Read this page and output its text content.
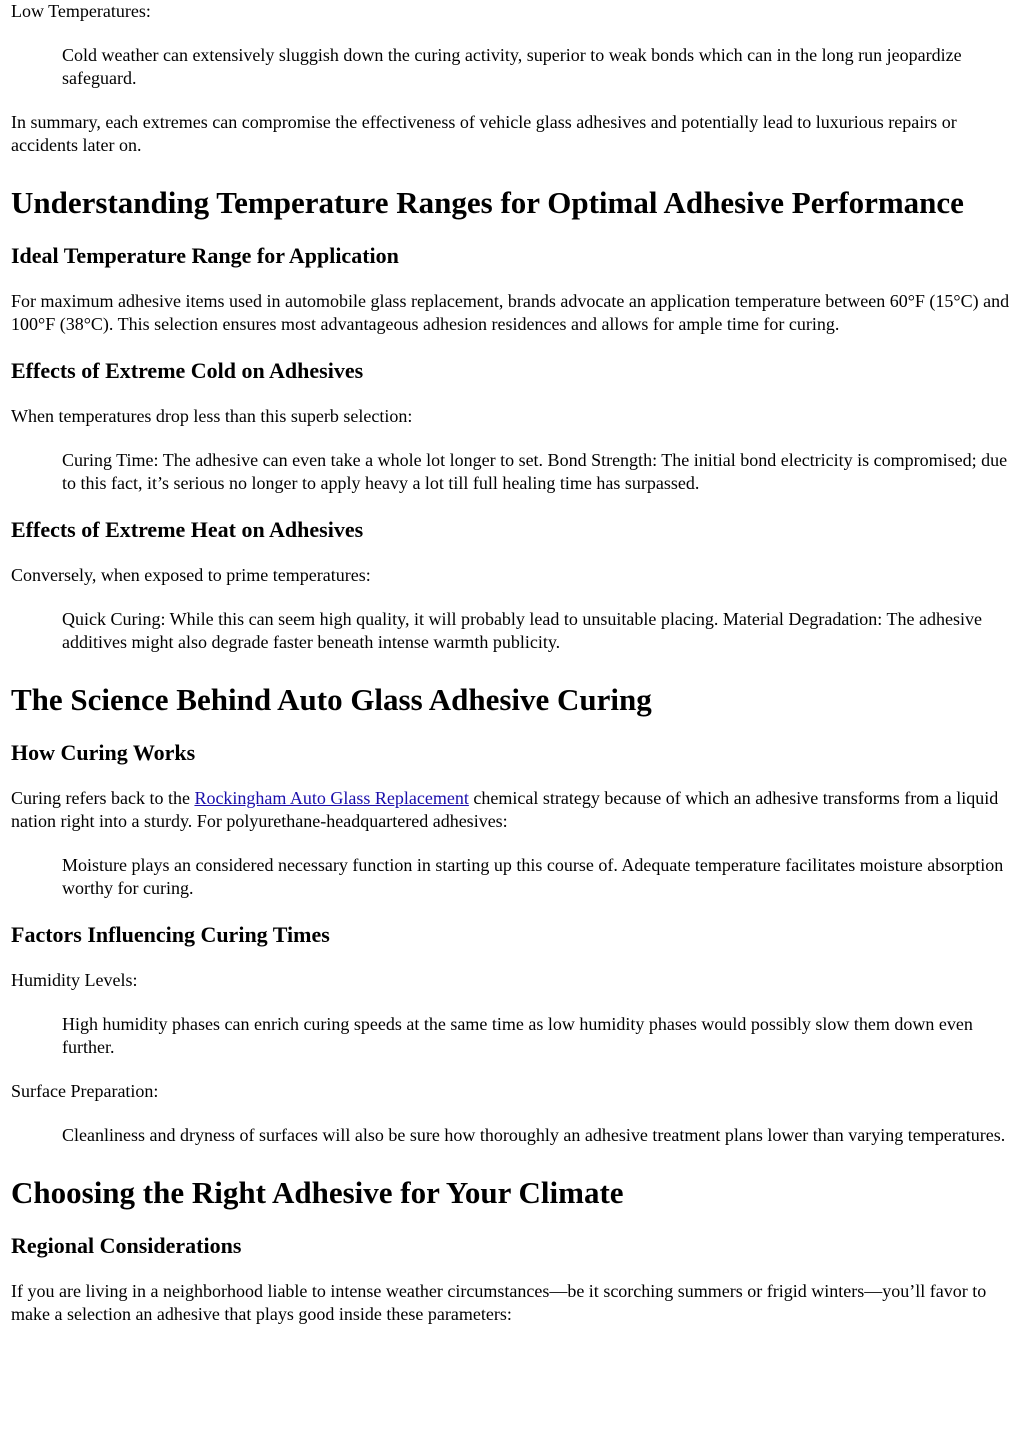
Low Temperatures:

Cold weather can extensively sluggish down the curing activity, superior to weak bonds which can in the long run jeopardize safeguard.

In summary, each extremes can compromise the effectiveness of vehicle glass adhesives and potentially lead to luxurious repairs or accidents later on.

Understanding Temperature Ranges for Optimal Adhesive Performance
Ideal Temperature Range for Application

For maximum adhesive items used in automobile glass replacement, brands advocate an application temperature between 60°F (15°C) and 100°F (38°C). This selection ensures most advantageous adhesion residences and allows for ample time for curing.

Effects of Extreme Cold on Adhesives

When temperatures drop less than this superb selection:

Curing Time: The adhesive can even take a whole lot longer to set. Bond Strength: The initial bond electricity is compromised; due to this fact, it’s serious no longer to apply heavy a lot till full healing time has surpassed.

Effects of Extreme Heat on Adhesives

Conversely, when exposed to prime temperatures:

Quick Curing: While this can seem high quality, it will probably lead to unsuitable placing. Material Degradation: The adhesive additives might also degrade faster beneath intense warmth publicity.

The Science Behind Auto Glass Adhesive Curing
How Curing Works

Curing refers back to the Rockingham Auto Glass Replacement chemical strategy because of which an adhesive transforms from a liquid nation right into a sturdy. For polyurethane-headquartered adhesives:

Moisture plays an considered necessary function in starting up this course of. Adequate temperature facilitates moisture absorption worthy for curing.

Factors Influencing Curing Times

Humidity Levels:

High humidity phases can enrich curing speeds at the same time as low humidity phases would possibly slow them down even further.

Surface Preparation:

Cleanliness and dryness of surfaces will also be sure how thoroughly an adhesive treatment plans lower than varying temperatures.

Choosing the Right Adhesive for Your Climate
Regional Considerations

If you are living in a neighborhood liable to intense weather circumstances—be it scorching summers or frigid winters—you’ll favor to make a selection an adhesive that plays good inside these parameters:
